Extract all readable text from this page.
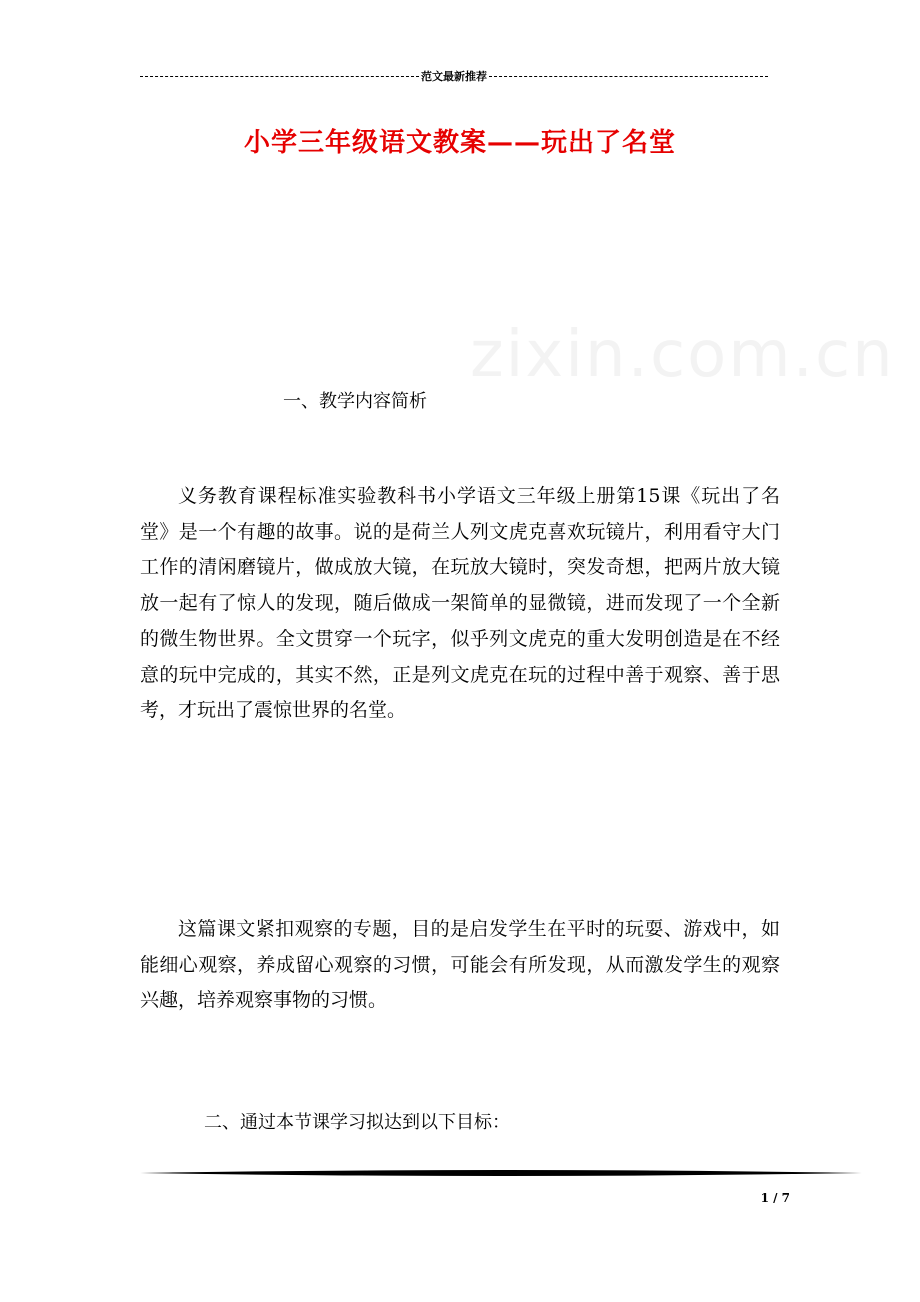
范文最新推荐
小学三年级语文教案——玩出了名堂
zixin.com.cn
一、教学内容简析

义务教育课程标准实验教科书小学语文三年级上册第15课《玩出了名堂》是一个有趣的故事。说的是荷兰人列文虎克喜欢玩镜片，利用看守大门工作的清闲磨镜片，做成放大镜，在玩放大镜时，突发奇想，把两片放大镜放一起有了惊人的发现，随后做成一架简单的显微镜，进而发现了一个全新的微生物世界。全文贯穿一个玩字，似乎列文虎克的重大发明创造是在不经意的玩中完成的，其实不然，正是列文虎克在玩的过程中善于观察、善于思考，才玩出了震惊世界的名堂。

这篇课文紧扣观察的专题，目的是启发学生在平时的玩耍、游戏中，如能细心观察，养成留心观察的习惯，可能会有所发现，从而激发学生的观察兴趣，培养观察事物的习惯。

二、通过本节课学习拟达到以下目标：
1 / 7
